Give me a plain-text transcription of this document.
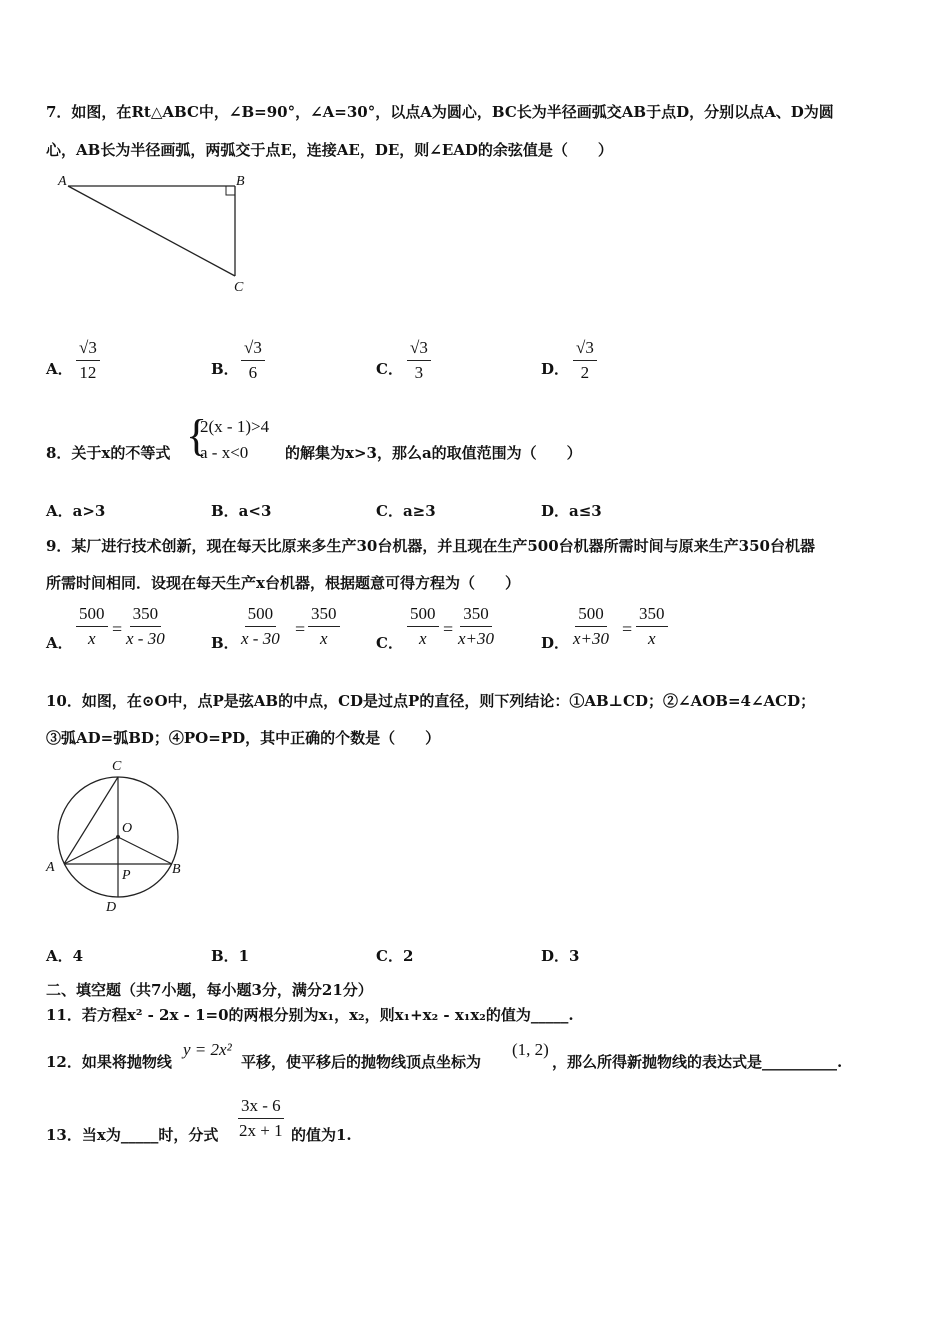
7．如图，在Rt△ABC中，∠B=90°，∠A=30°，以点A为圆心，BC长为半径画弧交AB于点D，分别以点A、D为圆
心，AB长为半径画弧，两弧交于点E，连接AE，DE，则∠EAD的余弦值是（　　）
A	B
C
A． $\frac{√3}{12}$	B． $\frac{√3}{6}$	C． $\frac{√3}{3}$	D． $\frac{√3}{2}$
8．关于x的不等式 {
2(x - 1)>4
a - x<0	的解集为x>3，那么a的取值范围为（　　）
A．a>3	B．a<3	C．a≥3	D．a≤3
9．某厂进行技术创新，现在每天比原来多生产30台机器，并且现在生产500台机器所需时间与原来生产350台机器
所需时间相同．设现在每天生产x台机器，根据题意可得方程为（　　）
A． $\frac{500}{x} = \frac{350}{x - 30}$	B． $\frac{500}{x - 30} = \frac{350}{x}$ C． $\frac{500}{x} = \frac{350}{x+30}$	D． $\frac{500}{x+30} = \frac{350}{x}$
10．如图，在⊙O中，点P是弦AB的中点，CD是过点P的直径，则下列结论：①AB⊥CD；②∠AOB=4∠ACD；
③弧AD=弧BD；④PO=PD，其中正确的个数是（　　）
C
O
A	B
P
D
A．4	B．1	C．2	D．3
二、填空题（共7小题，每小题3分，满分21分）
11．若方程x² - 2x - 1=0的两根分别为x₁，x₂，则x₁+x₂ - x₁x₂的值为_____.
12．如果将抛物线
y = 2x²
平移，使平移后的抛物线顶点坐标为
(1, 2)
，那么所得新抛物线的表达式是__________.
13．当x为_____时，分式 $\frac{3x - 6}{2x + 1}$ 的值为1.
